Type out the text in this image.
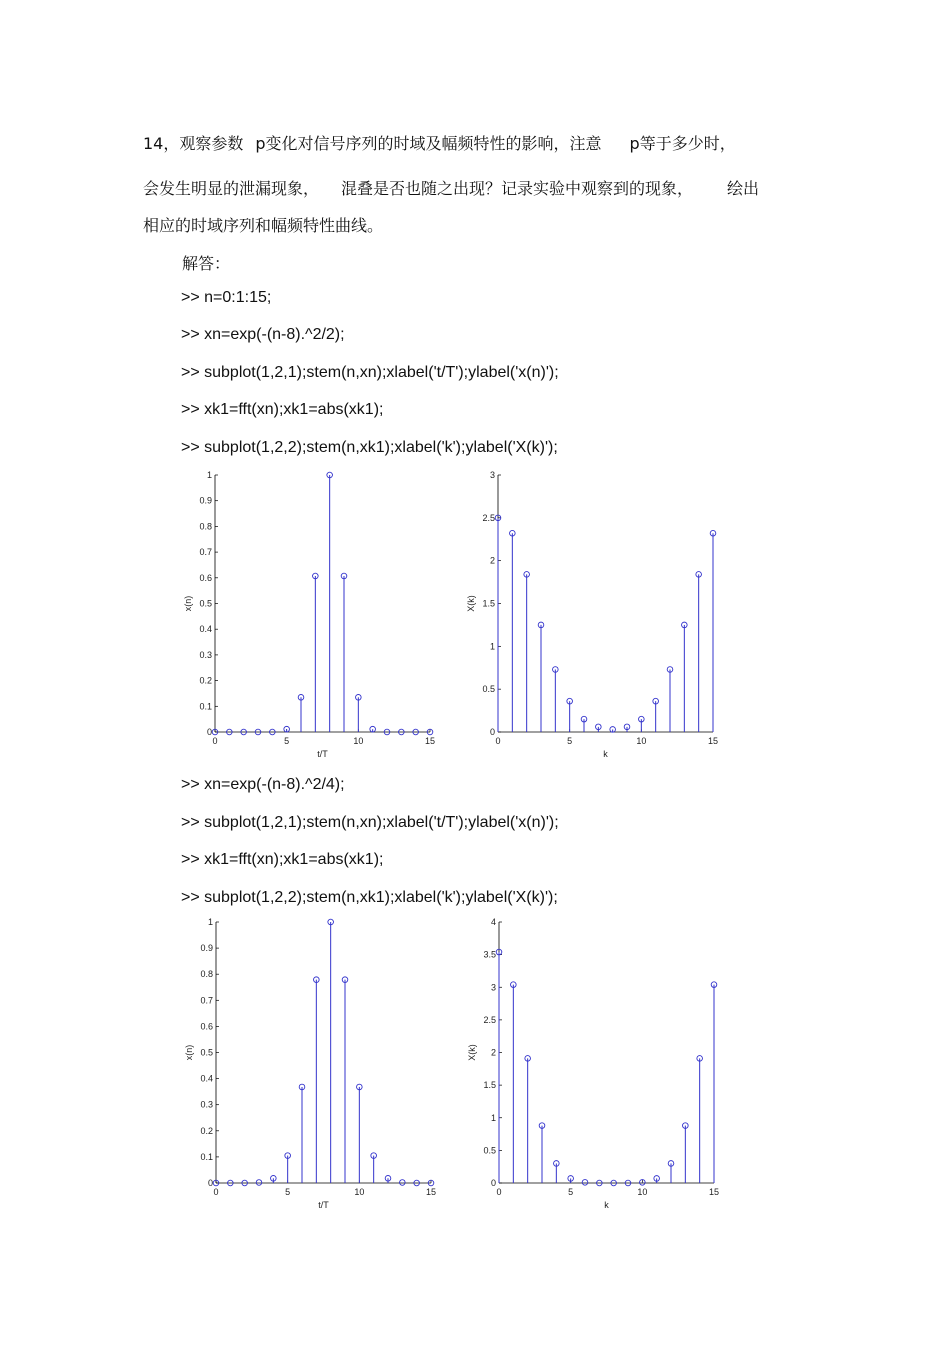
14，观察参数 p变化对信号序列的时域及幅频特性的影响，注意 p等于多少时，
会发生明显的泄漏现象， 混叠是否也随之出现？记录实验中观察到的现象， 绘出
相应的时域序列和幅频特性曲线。
解答：
>> n=0:1:15;
>> xn=exp(-(n-8).^2/2);
>> subplot(1,2,1);stem(n,xn);xlabel('t/T');ylabel('x(n)');
>> xk1=fft(xn);xk1=abs(xk1);
>> subplot(1,2,2);stem(n,xk1);xlabel('k');ylabel('X(k)');
0
0.1
0.2
0.3
0.4
0.5
0.6
0.7
0.8
0.9
1
0	5	10	15
t/T
x(n)
0
0.5
1
1.5
2
2.5
3
0	5	10	15
k
X(k)
>> xn=exp(-(n-8).^2/4);
>> subplot(1,2,1);stem(n,xn);xlabel('t/T');ylabel('x(n)');
>> xk1=fft(xn);xk1=abs(xk1);
>> subplot(1,2,2);stem(n,xk1);xlabel('k');ylabel('X(k)');
0
0.1
0.2
0.3
0.4
0.5
0.6
0.7
0.8
0.9
1
0	5	10	15
t/T
x(n)
0
0.5
1
1.5
2
2.5
3
3.5
4
0	5	10	15
k
X(k)
